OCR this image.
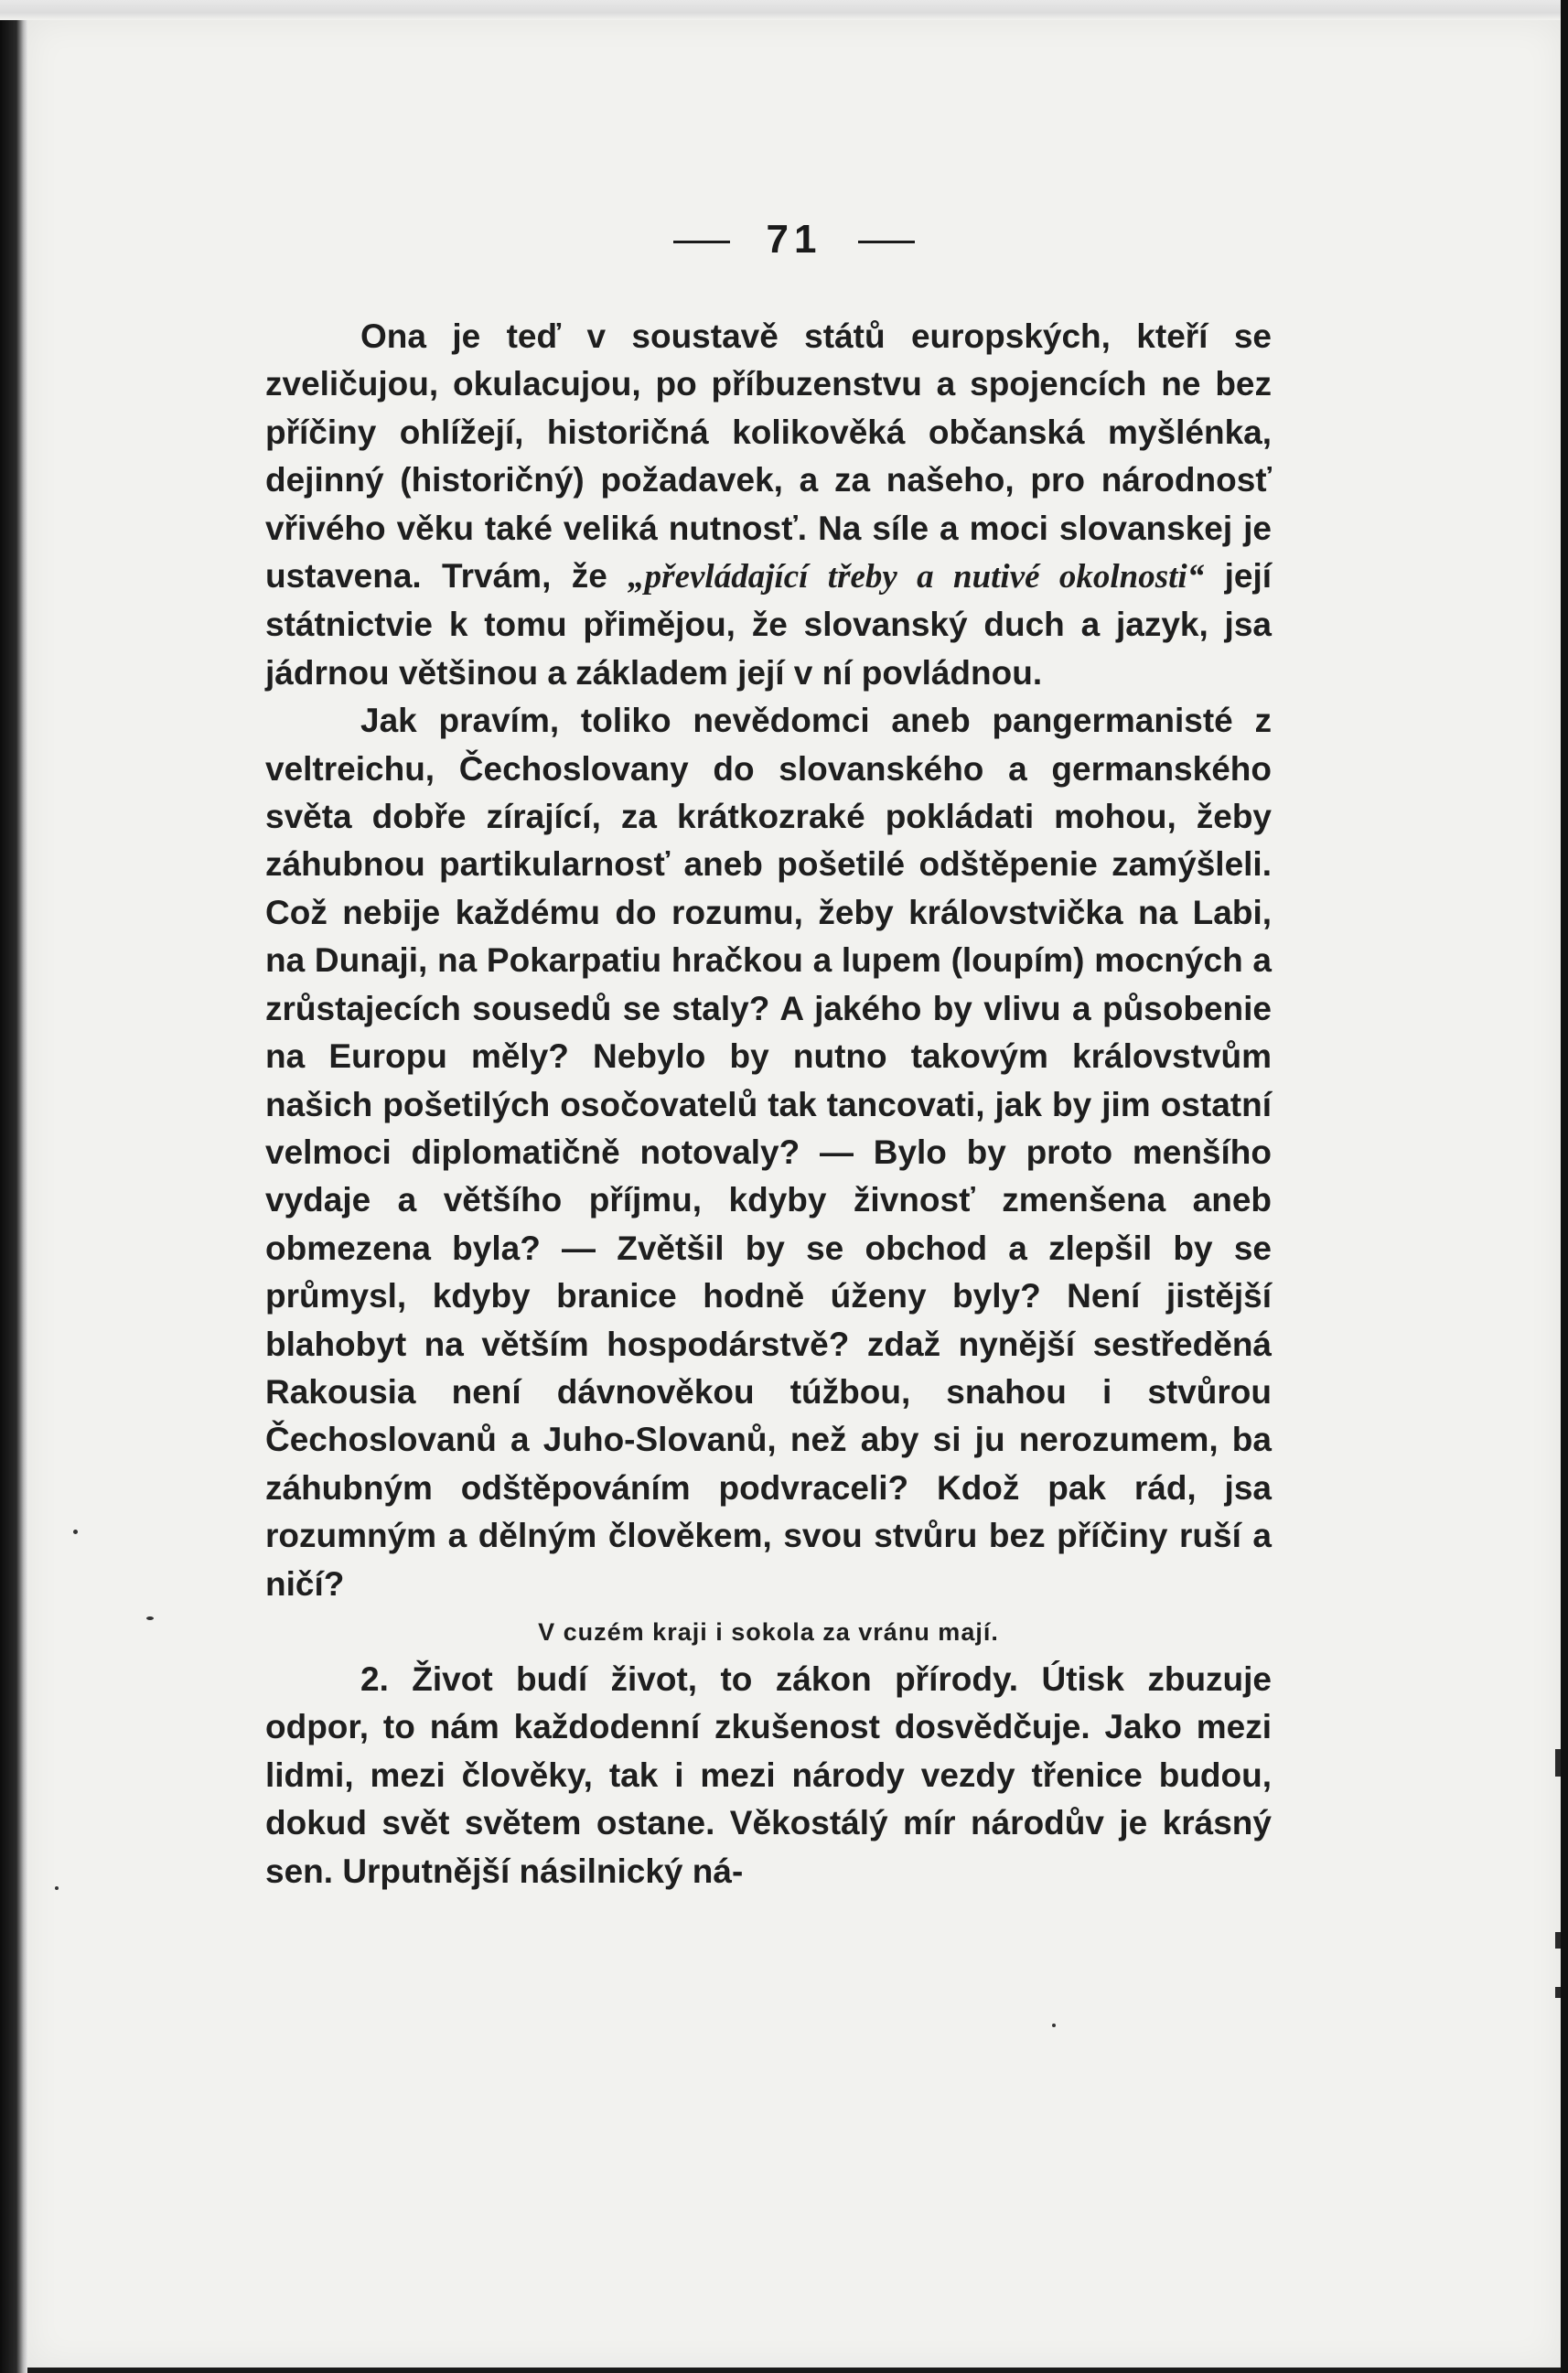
71

Ona je teď v soustavě států europských, kteří se zveličujou, okulacujou, po příbuzenstvu a spojencích ne bez příčiny ohlížejí, historičná kolikověká občanská myšlénka, dejinný (historičný) požadavek, a za našeho, pro národnosť vřivého věku také veliká nutnosť. Na síle a moci slovanskej je ustavena. Trvám, že „převládající třeby a nutivé okolnosti“ její státnictvie k tomu přimějou, že slovanský duch a jazyk, jsa jádrnou většinou a základem její v ní povládnou.

Jak pravím, toliko nevědomci aneb pangermanisté z veltreichu, Čechoslovany do slovanského a germanského světa dobře zírající, za krátkozraké pokládati mohou, žeby záhubnou partikularnosť aneb pošetilé odštěpenie zamýšleli. Což nebije každému do rozumu, žeby královstvička na Labi, na Dunaji, na Pokarpatiu hračkou a lupem (loupím) mocných a zrůstajecích sousedů se staly? A jakého by vlivu a působenie na Europu měly? Nebylo by nutno takovým královstvům našich pošetilých osočovatelů tak tancovati, jak by jim ostatní velmoci diplomatičně notovaly? — Bylo by proto menšího vydaje a většího příjmu, kdyby živnosť zmenšena aneb obmezena byla? — Zvětšil by se obchod a zlepšil by se průmysl, kdyby branice hodně úženy byly? Není jistější blahobyt na větším hospodárstvě? zdaž nynější sestředěná Rakousia není dávnověkou túžbou, snahou i stvůrou Čechoslovanů a Juho-Slovanů, než aby si ju nerozumem, ba záhubným odštěpováním podvraceli? Kdož pak rád, jsa rozumným a dělným člověkem, svou stvůru bez příčiny ruší a ničí?

V cuzém kraji i sokola za vránu mají.

2. Život budí život, to zákon přírody. Útisk zbuzuje odpor, to nám každodenní zkušenost dosvědčuje. Jako mezi lidmi, mezi člověky, tak i mezi národy vezdy třenice budou, dokud svět světem ostane. Věkostálý mír národův je krásný sen. Urputnější násilnický ná-
